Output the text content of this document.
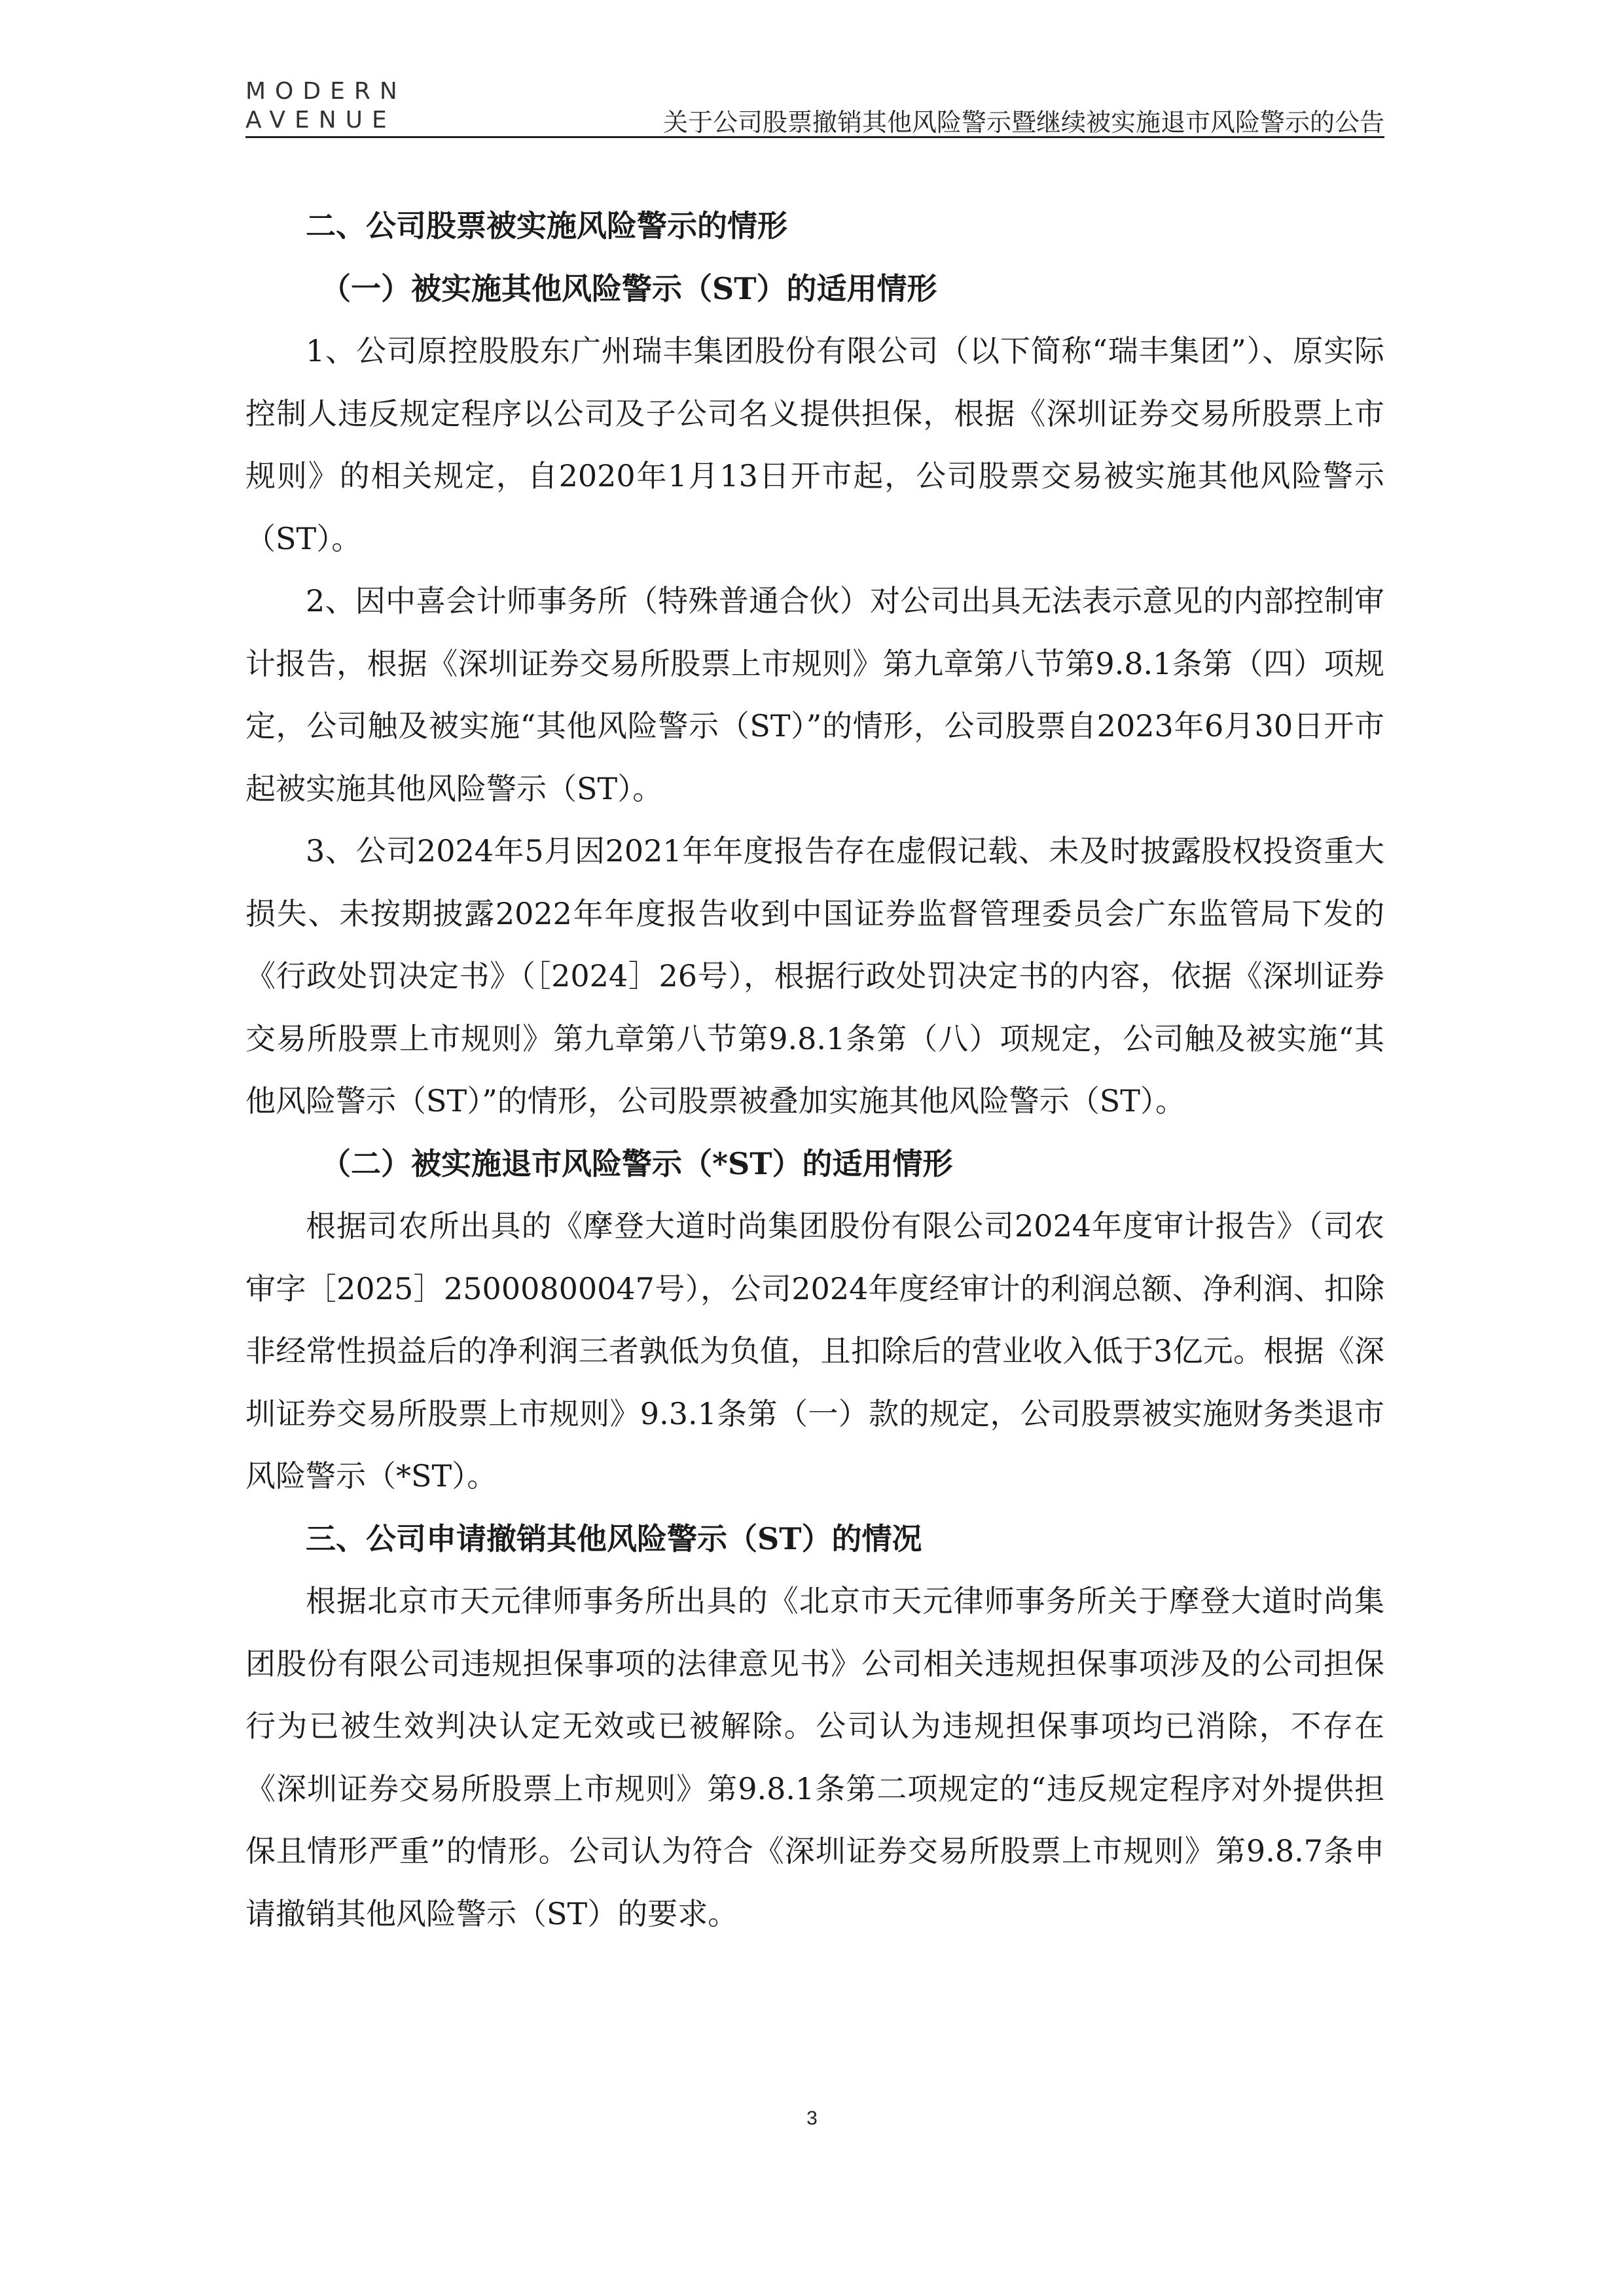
MODERN
AVENUE	关于公司股票撤销其他风险警示暨继续被实施退市风险警示的公告

二、公司股票被实施风险警示的情形

（一）被实施其他风险警示（ST）的适用情形

1、公司原控股股东广州瑞丰集团股份有限公司（以下简称“瑞丰集团”）、原实际控制人违反规定程序以公司及子公司名义提供担保，根据《深圳证券交易所股票上市规则》的相关规定，自2020年1月13日开市起，公司股票交易被实施其他风险警示（ST）。

2、因中喜会计师事务所（特殊普通合伙）对公司出具无法表示意见的内部控制审计报告，根据《深圳证券交易所股票上市规则》第九章第八节第9.8.1条第（四）项规定，公司触及被实施“其他风险警示（ST）”的情形，公司股票自2023年6月30日开市起被实施其他风险警示（ST）。

3、公司2024年5月因2021年年度报告存在虚假记载、未及时披露股权投资重大损失、未按期披露2022年年度报告收到中国证券监督管理委员会广东监管局下发的《行政处罚决定书》（［2024］26号），根据行政处罚决定书的内容，依据《深圳证券交易所股票上市规则》第九章第八节第9.8.1条第（八）项规定，公司触及被实施“其他风险警示（ST）”的情形，公司股票被叠加实施其他风险警示（ST）。

（二）被实施退市风险警示（*ST）的适用情形

根据司农所出具的《摩登大道时尚集团股份有限公司2024年度审计报告》（司农审字［2025］25000800047号），公司2024年度经审计的利润总额、净利润、扣除非经常性损益后的净利润三者孰低为负值，且扣除后的营业收入低于3亿元。根据《深圳证券交易所股票上市规则》9.3.1条第（一）款的规定，公司股票被实施财务类退市风险警示（*ST）。

三、公司申请撤销其他风险警示（ST）的情况

根据北京市天元律师事务所出具的《北京市天元律师事务所关于摩登大道时尚集团股份有限公司违规担保事项的法律意见书》公司相关违规担保事项涉及的公司担保行为已被生效判决认定无效或已被解除。公司认为违规担保事项均已消除，不存在《深圳证券交易所股票上市规则》第9.8.1条第二项规定的“违反规定程序对外提供担保且情形严重”的情形。公司认为符合《深圳证券交易所股票上市规则》第9.8.7条申请撤销其他风险警示（ST）的要求。

3
